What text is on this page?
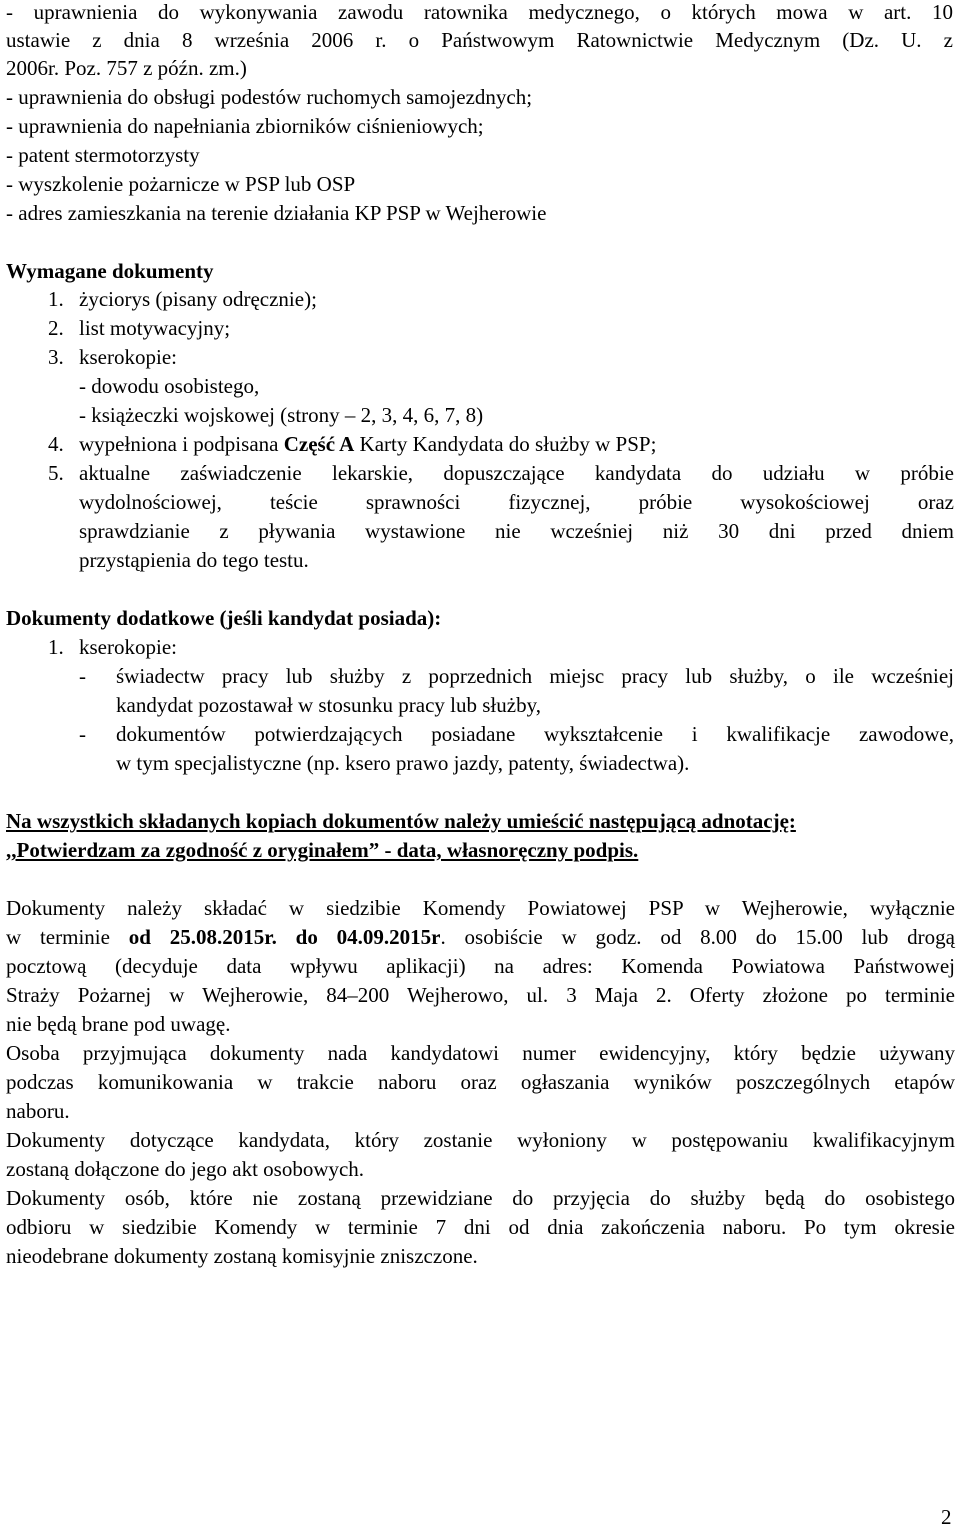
- uprawnienia do wykonywania zawodu ratownika medycznego, o których mowa w art. 10
ustawie z dnia 8 września 2006 r. o Państwowym Ratownictwie Medycznym (Dz. U. z
2006r. Poz. 757 z późn. zm.)
- uprawnienia do obsługi podestów ruchomych samojezdnych;
- uprawnienia do napełniania zbiorników ciśnieniowych;
- patent stermotorzysty
- wyszkolenie pożarnicze w PSP lub OSP
- adres zamieszkania na terenie działania KP PSP w Wejherowie
Wymagane dokumenty
1. życiorys (pisany odręcznie);
2. list motywacyjny;
3. kserokopie:
- dowodu osobistego,
- książeczki wojskowej (strony – 2, 3, 4, 6, 7, 8)
4. wypełniona i podpisana Część A Karty Kandydata do służby w PSP;
5. aktualne zaświadczenie lekarskie, dopuszczające kandydata do udziału w próbie
wydolnościowej, teście sprawności fizycznej, próbie wysokościowej oraz
sprawdzianie z pływania wystawione nie wcześniej niż 30 dni przed dniem
przystąpienia do tego testu.
Dokumenty dodatkowe (jeśli kandydat posiada):
1. kserokopie:
- świadectw pracy lub służby z poprzednich miejsc pracy lub służby, o ile wcześniej
kandydat pozostawał w stosunku pracy lub służby,
- dokumentów potwierdzających posiadane wykształcenie i kwalifikacje zawodowe,
w tym specjalistyczne (np. ksero prawo jazdy, patenty, świadectwa).
Na wszystkich składanych kopiach dokumentów należy umieścić następującą adnotację:
,,Potwierdzam za zgodność z oryginałem” - data, własnoręczny podpis.
Dokumenty należy składać w siedzibie Komendy Powiatowej PSP w Wejherowie, wyłącznie
w terminie od 25.08.2015r. do 04.09.2015r. osobiście w godz. od 8.00 do 15.00 lub drogą
pocztową (decyduje data wpływu aplikacji) na adres: Komenda Powiatowa Państwowej
Straży Pożarnej w Wejherowie, 84–200 Wejherowo, ul. 3 Maja 2. Oferty złożone po terminie
nie będą brane pod uwagę.
Osoba przyjmująca dokumenty nada kandydatowi numer ewidencyjny, który będzie używany
podczas komunikowania w trakcie naboru oraz ogłaszania wyników poszczególnych etapów
naboru.
Dokumenty dotyczące kandydata, który zostanie wyłoniony w postępowaniu kwalifikacyjnym
zostaną dołączone do jego akt osobowych.
Dokumenty osób, które nie zostaną przewidziane do przyjęcia do służby będą do osobistego
odbioru w siedzibie Komendy w terminie 7 dni od dnia zakończenia naboru. Po tym okresie
nieodebrane dokumenty zostaną komisyjnie zniszczone.
2
